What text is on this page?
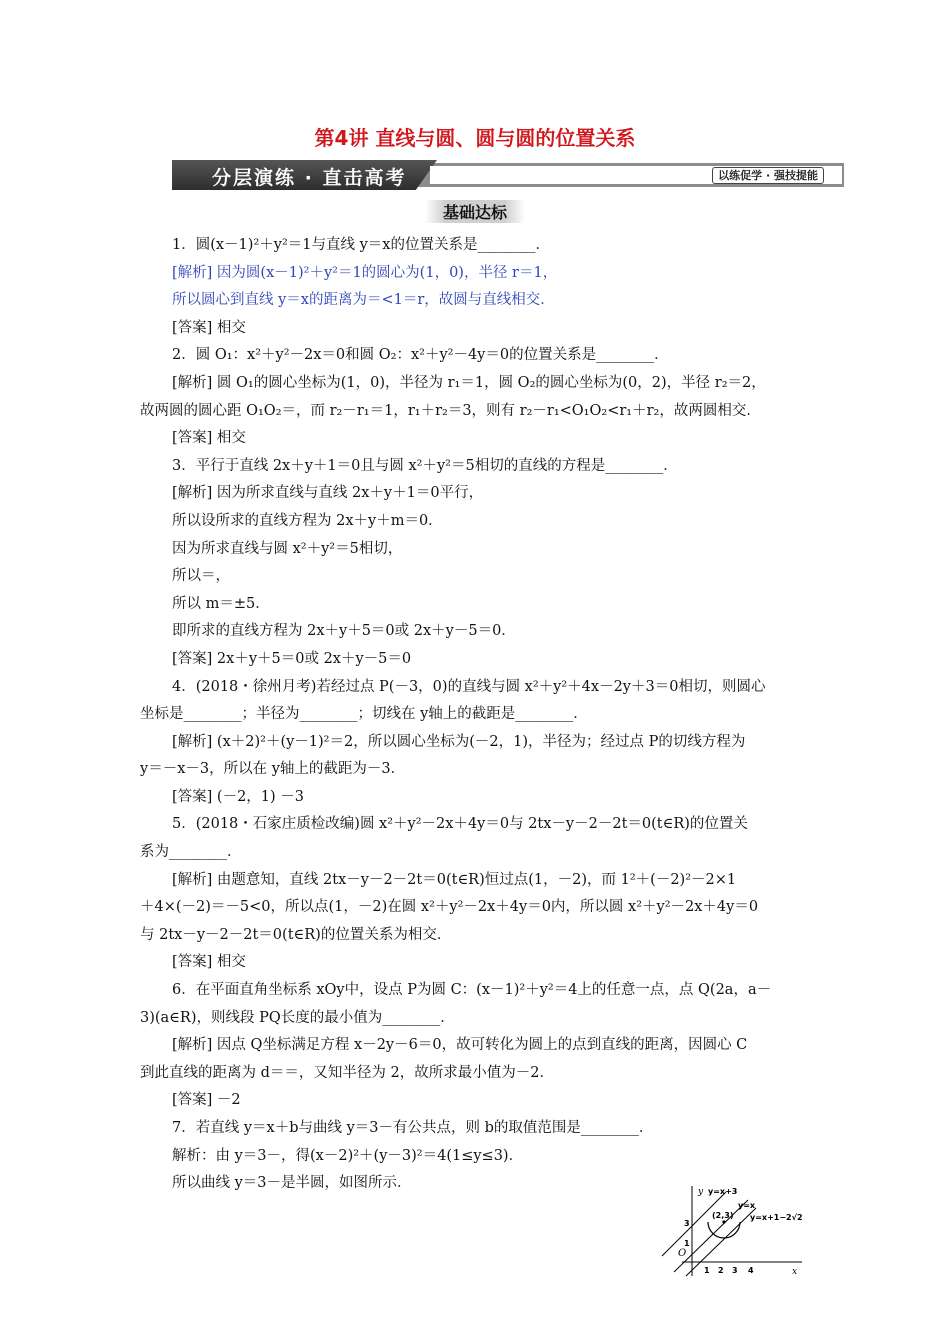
第4讲 直线与圆、圆与圆的位置关系
分层演练 · 直击高考	以练促学 · 强技提能
基础达标
1．圆(x－1)²＋y²＝1与直线 y＝x的位置关系是________．
[解析] 因为圆(x－1)²＋y²＝1的圆心为(1，0)，半径 r＝1，
所以圆心到直线 y＝x的距离为＝<1＝r，故圆与直线相交．
[答案] 相交
2．圆 O₁：x²＋y²－2x＝0和圆 O₂：x²＋y²－4y＝0的位置关系是________．
[解析] 圆 O₁的圆心坐标为(1，0)，半径为 r₁＝1，圆 O₂的圆心坐标为(0，2)，半径 r₂＝2，
故两圆的圆心距 O₁O₂＝，而 r₂－r₁＝1，r₁＋r₂＝3，则有 r₂－r₁<O₁O₂<r₁＋r₂，故两圆相交．
[答案] 相交
3．平行于直线 2x＋y＋1＝0且与圆 x²＋y²＝5相切的直线的方程是________．
[解析] 因为所求直线与直线 2x＋y＋1＝0平行，
所以设所求的直线方程为 2x＋y＋m＝0．
因为所求直线与圆 x²＋y²＝5相切，
所以＝，
所以 m＝±5．
即所求的直线方程为 2x＋y＋5＝0或 2x＋y－5＝0．
[答案] 2x＋y＋5＝0或 2x＋y－5＝0
4．(2018・徐州月考)若经过点 P(－3，0)的直线与圆 x²＋y²＋4x－2y＋3＝0相切，则圆心
坐标是________；半径为________；切线在 y轴上的截距是________．
[解析] (x＋2)²＋(y－1)²＝2，所以圆心坐标为(－2，1)，半径为；经过点 P的切线方程为
y＝－x－3，所以在 y轴上的截距为－3．
[答案] (－2，1) －3
5．(2018・石家庄质检改编)圆 x²＋y²－2x＋4y＝0与 2tx－y－2－2t＝0(t∈R)的位置关
系为________．
[解析] 由题意知，直线 2tx－y－2－2t＝0(t∈R)恒过点(1，－2)，而 1²＋(－2)²－2×1
＋4×(－2)＝－5<0，所以点(1，－2)在圆 x²＋y²－2x＋4y＝0内，所以圆 x²＋y²－2x＋4y＝0
与 2tx－y－2－2t＝0(t∈R)的位置关系为相交．
[答案] 相交
6．在平面直角坐标系 xOy中，设点 P为圆 C：(x－1)²＋y²＝4上的任意一点，点 Q(2a，a－
3)(a∈R)，则线段 PQ长度的最小值为________．
[解析] 因点 Q坐标满足方程 x－2y－6＝0，故可转化为圆上的点到直线的距离，因圆心 C
到此直线的距离为 d＝＝，又知半径为 2，故所求最小值为－2．
[答案] －2
7．若直线 y＝x＋b与曲线 y＝3－有公共点，则 b的取值范围是________．
解析：由 y＝3－，得(x－2)²＋(y－3)²＝4(1≤y≤3)．
所以曲线 y＝3－是半圆，如图所示．
y
x
O
y=x+3
y=x
y=x+1−2√2
(2,3)
3
1
1 2 3 4
